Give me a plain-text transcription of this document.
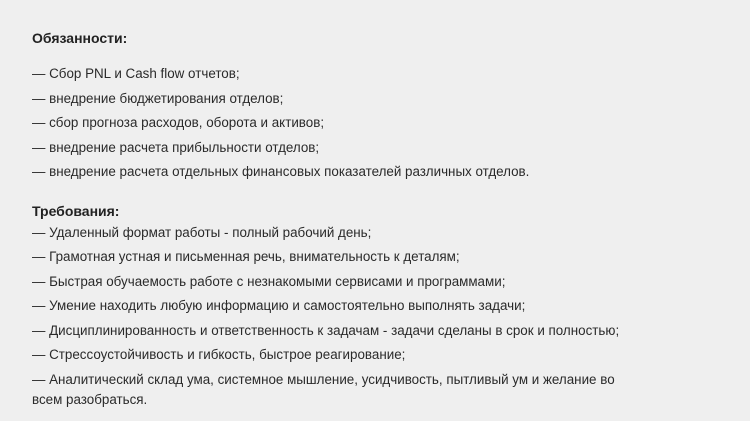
Обязанности:

— Сбор PNL и Cash flow отчетов;
— внедрение бюджетирования отделов;
— сбор прогноза расходов, оборота и активов;
— внедрение расчета прибыльности отделов;
— внедрение расчета отдельных финансовых показателей различных отделов.

Требования:

— Удаленный формат работы - полный рабочий день;
— Грамотная устная и письменная речь, внимательность к деталям;
— Быстрая обучаемость работе с незнакомыми сервисами и программами;
— Умение находить любую информацию и самостоятельно выполнять задачи;
— Дисциплинированность и ответственность к задачам - задачи сделаны в срок и полностью;
— Стрессоустойчивость и гибкость, быстрое реагирование;
— Аналитический склад ума, системное мышление, усидчивость, пытливый ум и желание во всем разобраться.
